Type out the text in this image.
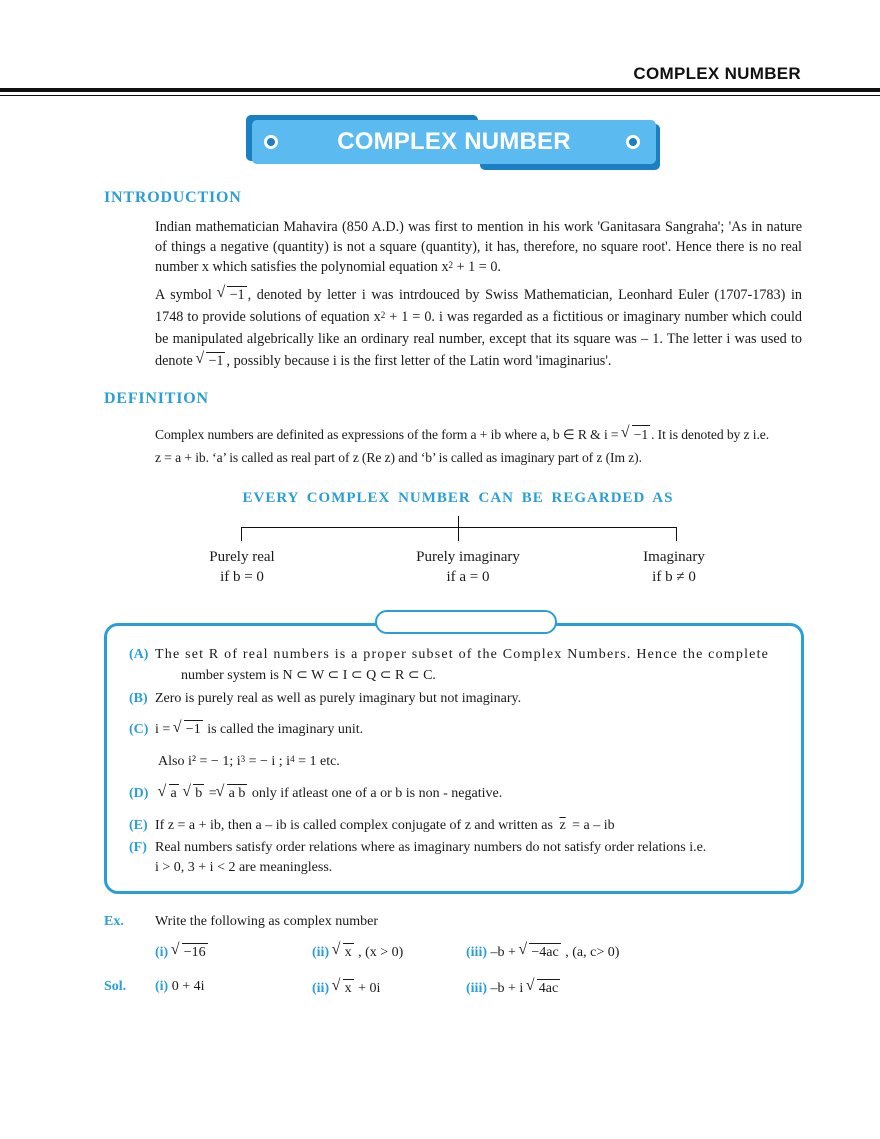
COMPLEX NUMBER
COMPLEX NUMBER
INTRODUCTION
Indian mathematician Mahavira (850 A.D.) was first to mention in his work 'Ganitasara Sangraha'; 'As in nature of things a negative (quantity) is not a square (quantity), it has, therefore, no square root'. Hence there is no real number x which satisfies the polynomial equation $x^2 + 1 = 0$.
A symbol √ −1 , denoted by letter i was intrdouced by Swiss Mathematician, Leonhard Euler (1707-1783) in 1748 to provide solutions of equation $x^2 + 1 = 0$. i was regarded as a fictitious or imaginary number which could be manipulated algebrically like an ordinary real number, except that its square was – 1. The letter i was used to denote √ −1 , possibly because i is the first letter of the Latin word 'imaginarius'.
DEFINITION
Complex numbers are definited as expressions of the form a + ib where a, b ∈ R & i = √ −1 . It is denoted by z i.e.
z = a + ib. ‘a’ is called as real part of z (Re z) and ‘b’ is called as imaginary part of z (Im z).
EVERY COMPLEX NUMBER CAN BE REGARDED AS
Purely real
if b = 0
Purely imaginary
if a = 0
Imaginary
if b ≠ 0
(A) The set R of real numbers is a proper subset of the Complex Numbers. Hence the complete
number system is N ⊂ W ⊂ I ⊂ Q ⊂ R ⊂ C.
(B) Zero is purely real as well as purely imaginary but not imaginary.
(C) i = √ −1 is called the imaginary unit.
Also i² = − 1; $i^3$ = − i ; $i^4 = 1$ etc.
(D) √ a √ b = √ a b only if atleast one of a or b is non - negative.
(E) If z = a + ib, then a – ib is called complex conjugate of z and written as $\overline{z} = a$ – ib
(F) Real numbers satisfy order relations where as imaginary numbers do not satisfy order relations i.e.
i > 0, 3 + i < 2 are meaningless.
Ex. Write the following as complex number
(i) √ −16	(ii) √ x , (x > 0)	(iii) –b + √ −4ac , (a, c> 0)
Sol. (i) 0 + 4i	(ii) √ x + 0i	(iii) –b + i √ 4ac
